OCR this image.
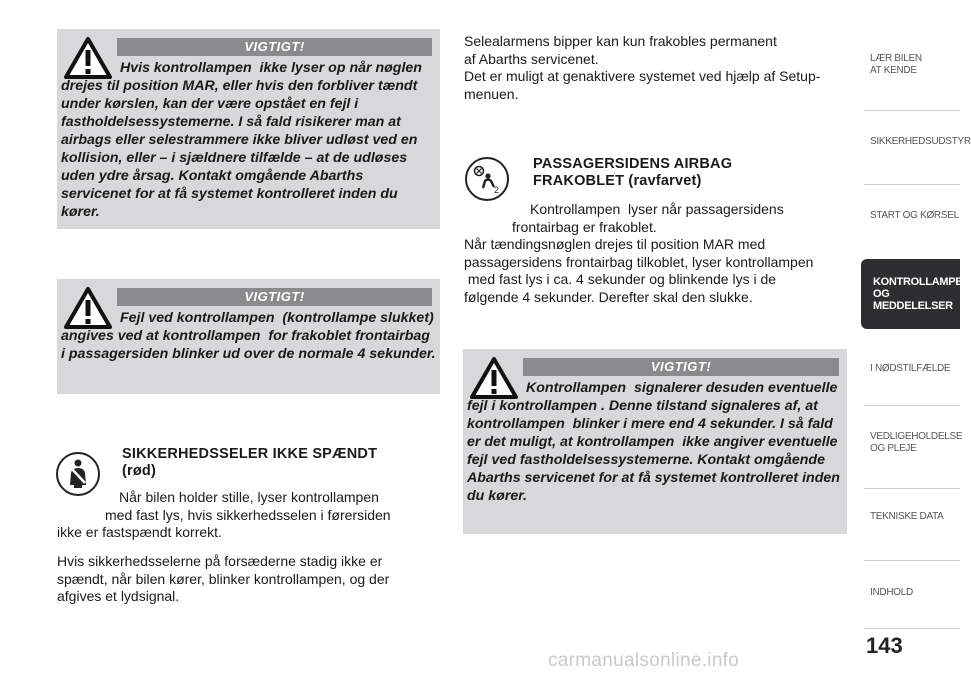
VIGTIGT!
Hvis kontrollampen ⁠ ikke lyser op når nøglen drejes til position MAR, eller hvis den forbliver tændt under kørslen, kan der være opstået en fejl i fastholdelsessystemerne. I så fald risikerer man at airbags eller selestrammere ikke bliver udløst ved en kollision, eller – i sjældnere tilfælde – at de udløses uden ydre årsag. Kontakt omgående Abarths servicenet for at få systemet kontrolleret inden du kører.
VIGTIGT!
Fejl ved kontrollampen ⁠ (kontrollampe slukket) angives ved at kontrollampen ⁠ for frakoblet frontairbag i passagersiden blinker ud over de normale 4 sekunder.
SIKKERHEDSSELER IKKE SPÆNDT
(rød)
Når bilen holder stille, lyser kontrollampen
med fast lys, hvis sikkerhedsselen i førersiden
ikke er fastspændt korrekt.
Hvis sikkerhedsselerne på forsæderne stadig ikke er spændt, når bilen kører, blinker kontrollampen, og der afgives et lydsignal.
Selealarmens bipper kan kun frakobles permanent
af Abarths servicenet.
Det er muligt at genaktivere systemet ved hjælp af Setup-
menuen.
2
PASSAGERSIDENS AIRBAG
FRAKOBLET (ravfarvet)
Kontrollampen ⁠ lyser når passagersidens
frontairbag er frakoblet.
Når tændingsnøglen drejes til position MAR med
passagersidens frontairbag tilkoblet, lyser kontrollampen
⁠ med fast lys i ca. 4 sekunder og blinkende lys i de
følgende 4 sekunder. Derefter skal den slukke.
VIGTIGT!
Kontrollampen ⁠ signalerer desuden eventuelle fejl i kontrollampen ⁠. Denne tilstand signaleres af, at kontrollampen ⁠ blinker i mere end 4 sekunder. I så fald er det muligt, at kontrollampen ⁠ ikke angiver eventuelle fejl ved fastholdelsessystemerne. Kontakt omgående Abarths servicenet for at få systemet kontrolleret inden du kører.
LÆR BILEN
AT KENDE
SIKKERHEDSUDSTYR
START OG KØRSEL
KONTROLLAMPER
OG MEDDELELSER
I NØDSTILFÆLDE
VEDLIGEHOLDELSE
OG PLEJE
TEKNISKE DATA
INDHOLD
143
carmanualsonline.info
